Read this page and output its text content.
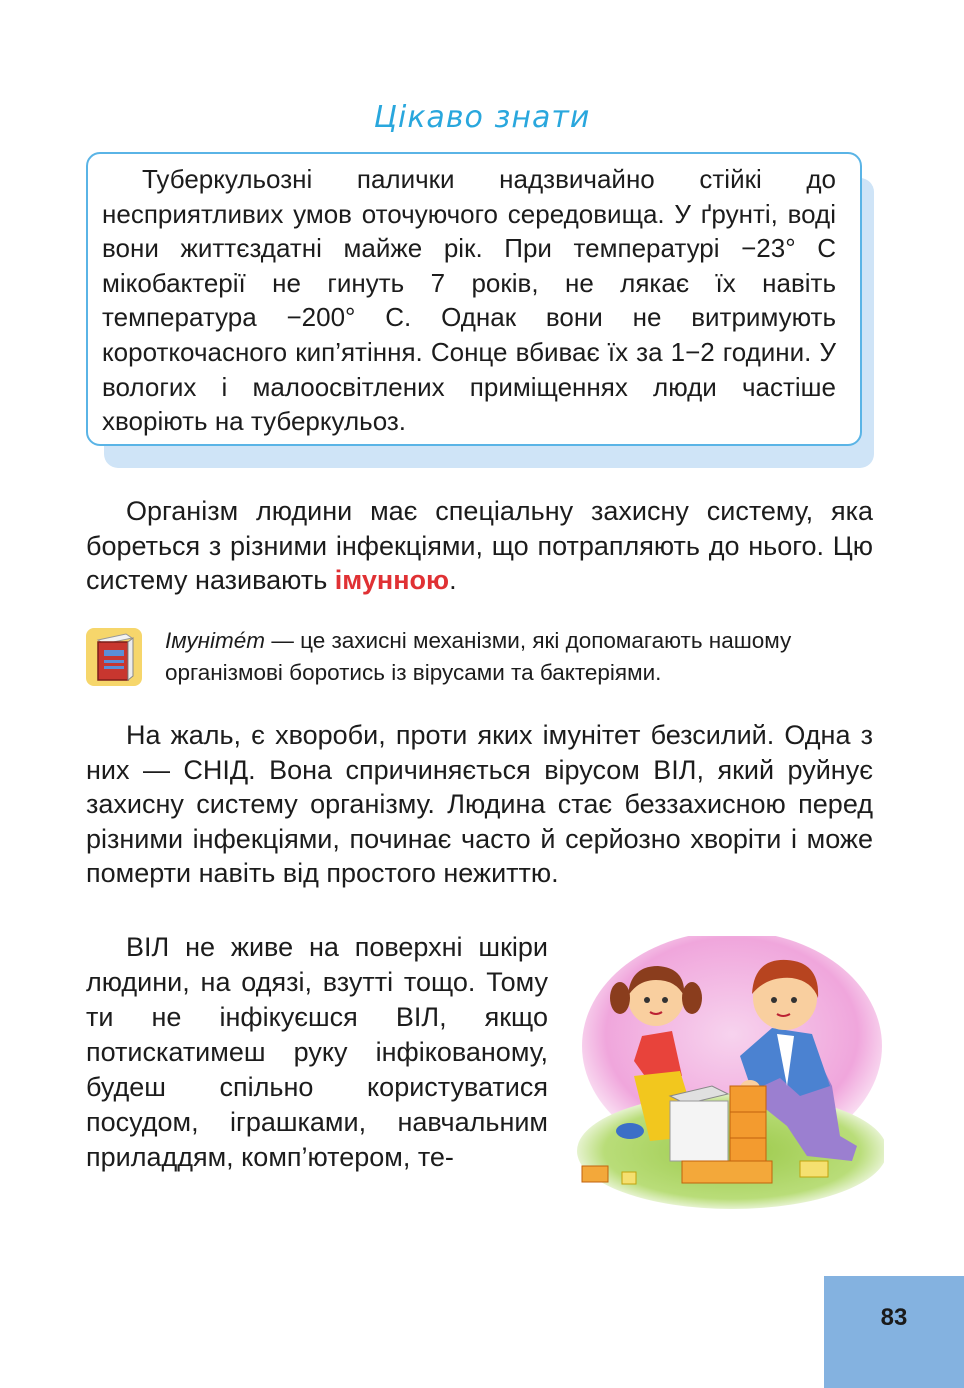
Цікаво знати

Туберкульозні палички надзвичайно стійкі до несприятливих умов оточуючого середовища. У ґрунті, воді вони життєздатні майже рік. При температурі −23° С мікобактерії не гинуть 7 років, не лякає їх навіть температура −200° С. Однак вони не витримують короткочасного кип’ятіння. Сонце вбиває їх за 1−2 години. У вологих і малоосвітлених приміщеннях люди частіше хворіють на туберкульоз.

Організм людини має спеціальну захисну систему, яка бореться з різними інфекціями, що потрапляють до нього. Цю систему називають імунною.

Імуніте́т — це захисні механізми, які допомагають нашому організмові боротись із вірусами та бактеріями.

На жаль, є хвороби, проти яких імунітет безсилий. Одна з них — СНІД. Вона спричиняється вірусом ВІЛ, який руйнує захисну систему організму. Людина стає беззахисною перед різними інфекціями, починає часто й серйозно хворіти і може померти навіть від простого нежиттю.

ВІЛ не живе на поверхні шкіри людини, на одязі, взутті тощо. Тому ти не інфікуєшся ВІЛ, якщо потискатимеш руку інфікованому, будеш спільно користуватися посудом, іграшками, навчальним приладдям, комп’ютером, те-

83
